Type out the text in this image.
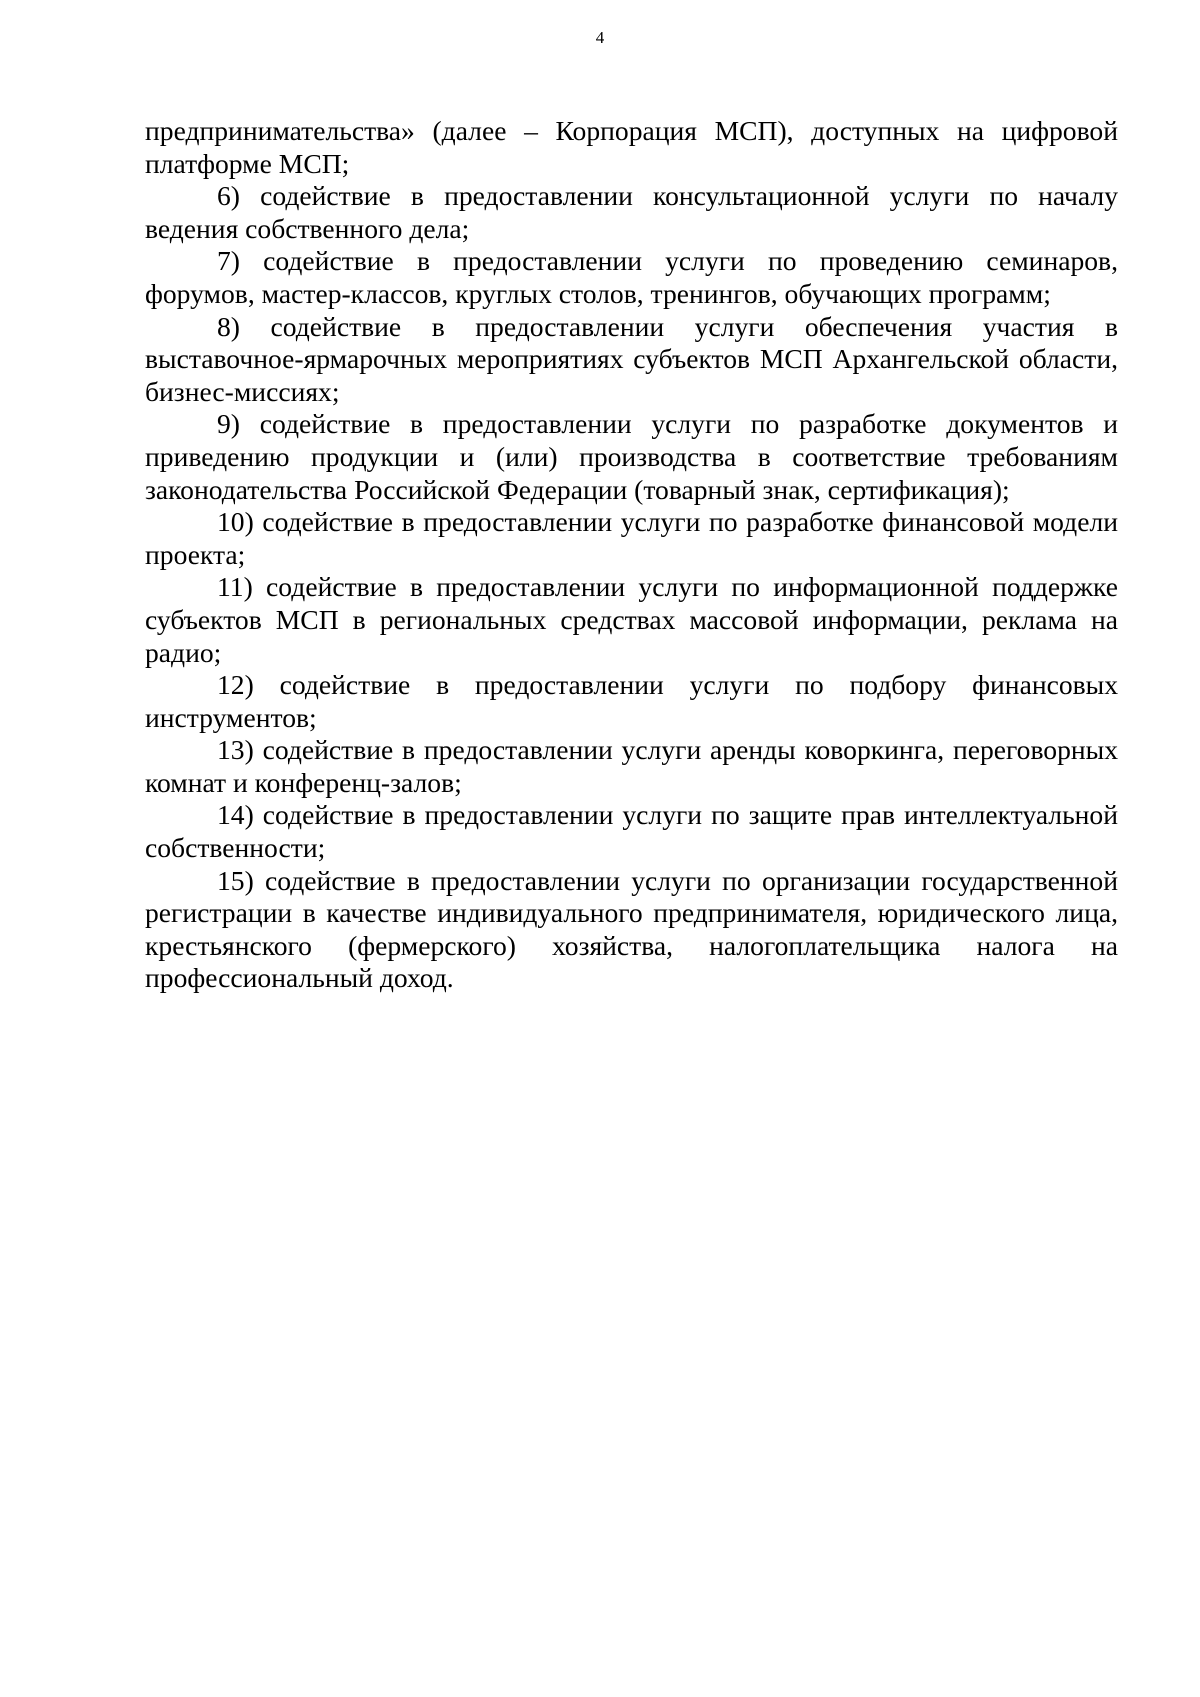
4

предпринимательства» (далее – Корпорация МСП), доступных на цифровой платформе МСП;

6) содействие в предоставлении консультационной услуги по началу ведения собственного дела;

7) содействие в предоставлении услуги по проведению семинаров, форумов, мастер-классов, круглых столов, тренингов, обучающих программ;

8) содействие в предоставлении услуги обеспечения участия в выставочное-ярмарочных мероприятиях субъектов МСП Архангельской области, бизнес-миссиях;

9) содействие в предоставлении услуги по разработке документов и приведению продукции и (или) производства в соответствие требованиям законодательства Российской Федерации (товарный знак, сертификация);

10) содействие в предоставлении услуги по разработке финансовой модели проекта;

11) содействие в предоставлении услуги по информационной поддержке субъектов МСП в региональных средствах массовой информации, реклама на радио;

12) содействие в предоставлении услуги по подбору финансовых инструментов;

13) содействие в предоставлении услуги аренды коворкинга, переговорных комнат и конференц-залов;

14) содействие в предоставлении услуги по защите прав интеллектуальной собственности;

15) содействие в предоставлении услуги по организации государственной регистрации в качестве индивидуального предпринимателя, юридического лица, крестьянского (фермерского) хозяйства, налогоплательщика налога на профессиональный доход.
